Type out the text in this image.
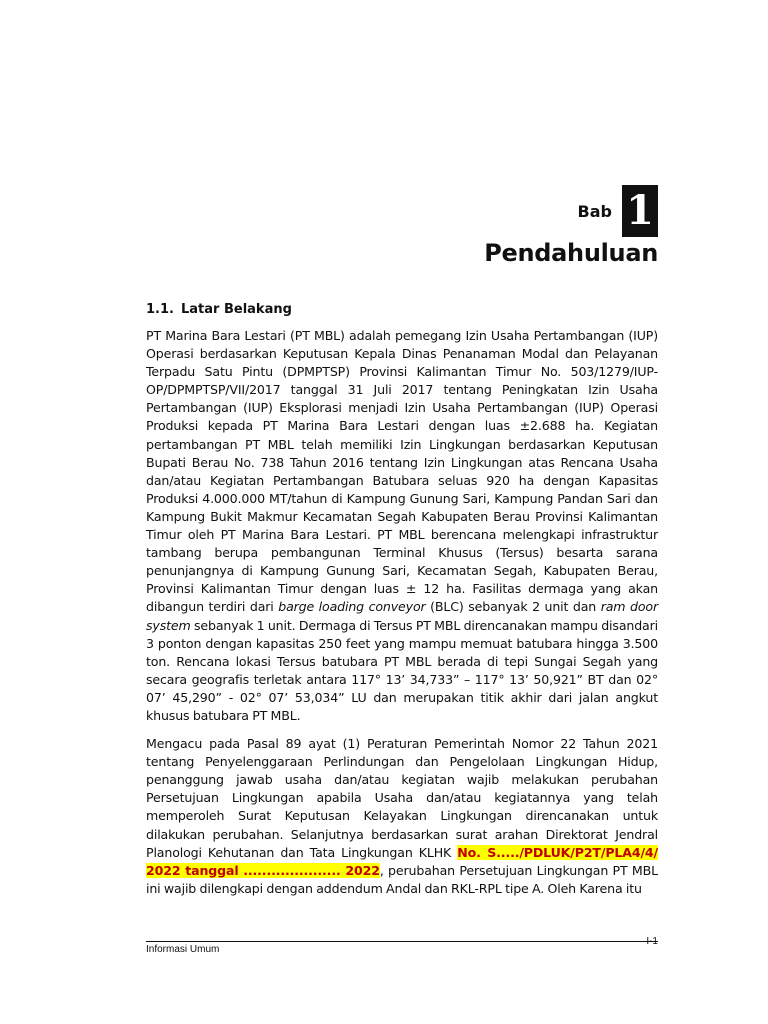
Bab 1
Pendahuluan
1.1. Latar Belakang

PT Marina Bara Lestari (PT MBL) adalah pemegang Izin Usaha Pertambangan (IUP) Operasi berdasarkan Keputusan Kepala Dinas Penanaman Modal dan Pelayanan Terpadu Satu Pintu (DPMPTSP) Provinsi Kalimantan Timur No. 503/1279/IUP-OP/DPMPTSP/VII/2017 tanggal 31 Juli 2017 tentang Peningkatan Izin Usaha Pertambangan (IUP) Eksplorasi menjadi Izin Usaha Pertambangan (IUP) Operasi Produksi kepada PT Marina Bara Lestari dengan luas ±2.688 ha. Kegiatan pertambangan PT MBL telah memiliki Izin Lingkungan berdasarkan Keputusan Bupati Berau No. 738 Tahun 2016 tentang Izin Lingkungan atas Rencana Usaha dan/atau Kegiatan Pertambangan Batubara seluas 920 ha dengan Kapasitas Produksi 4.000.000 MT/tahun di Kampung Gunung Sari, Kampung Pandan Sari dan Kampung Bukit Makmur Kecamatan Segah Kabupaten Berau Provinsi Kalimantan Timur oleh PT Marina Bara Lestari. PT MBL berencana melengkapi infrastruktur tambang berupa pembangunan Terminal Khusus (Tersus) besarta sarana penunjangnya di Kampung Gunung Sari, Kecamatan Segah, Kabupaten Berau, Provinsi Kalimantan Timur dengan luas ± 12 ha. Fasilitas dermaga yang akan dibangun terdiri dari barge loading conveyor (BLC) sebanyak 2 unit dan ram door system sebanyak 1 unit. Dermaga di Tersus PT MBL direncanakan mampu disandari 3 ponton dengan kapasitas 250 feet yang mampu memuat batubara hingga 3.500 ton. Rencana lokasi Tersus batubara PT MBL berada di tepi Sungai Segah yang secara geografis terletak antara 117° 13’ 34,733” – 117° 13’ 50,921” BT dan 02° 07’ 45,290” - 02° 07’ 53,034” LU dan merupakan titik akhir dari jalan angkut khusus batubara PT MBL.

Mengacu pada Pasal 89 ayat (1) Peraturan Pemerintah Nomor 22 Tahun 2021 tentang Penyelenggaraan Perlindungan dan Pengelolaan Lingkungan Hidup, penanggung jawab usaha dan/atau kegiatan wajib melakukan perubahan Persetujuan Lingkungan apabila Usaha dan/atau kegiatannya yang telah memperoleh Surat Keputusan Kelayakan Lingkungan direncanakan untuk dilakukan perubahan. Selanjutnya berdasarkan surat arahan Direktorat Jendral Planologi Kehutanan dan Tata Lingkungan KLHK No. S...../PDLUK/P2T/PLA4/4/ 2022 tanggal ..................... 2022, perubahan Persetujuan Lingkungan PT MBL ini wajib dilengkapi dengan addendum Andal dan RKL-RPL tipe A. Oleh Karena itu

Informasi Umum
I-1
